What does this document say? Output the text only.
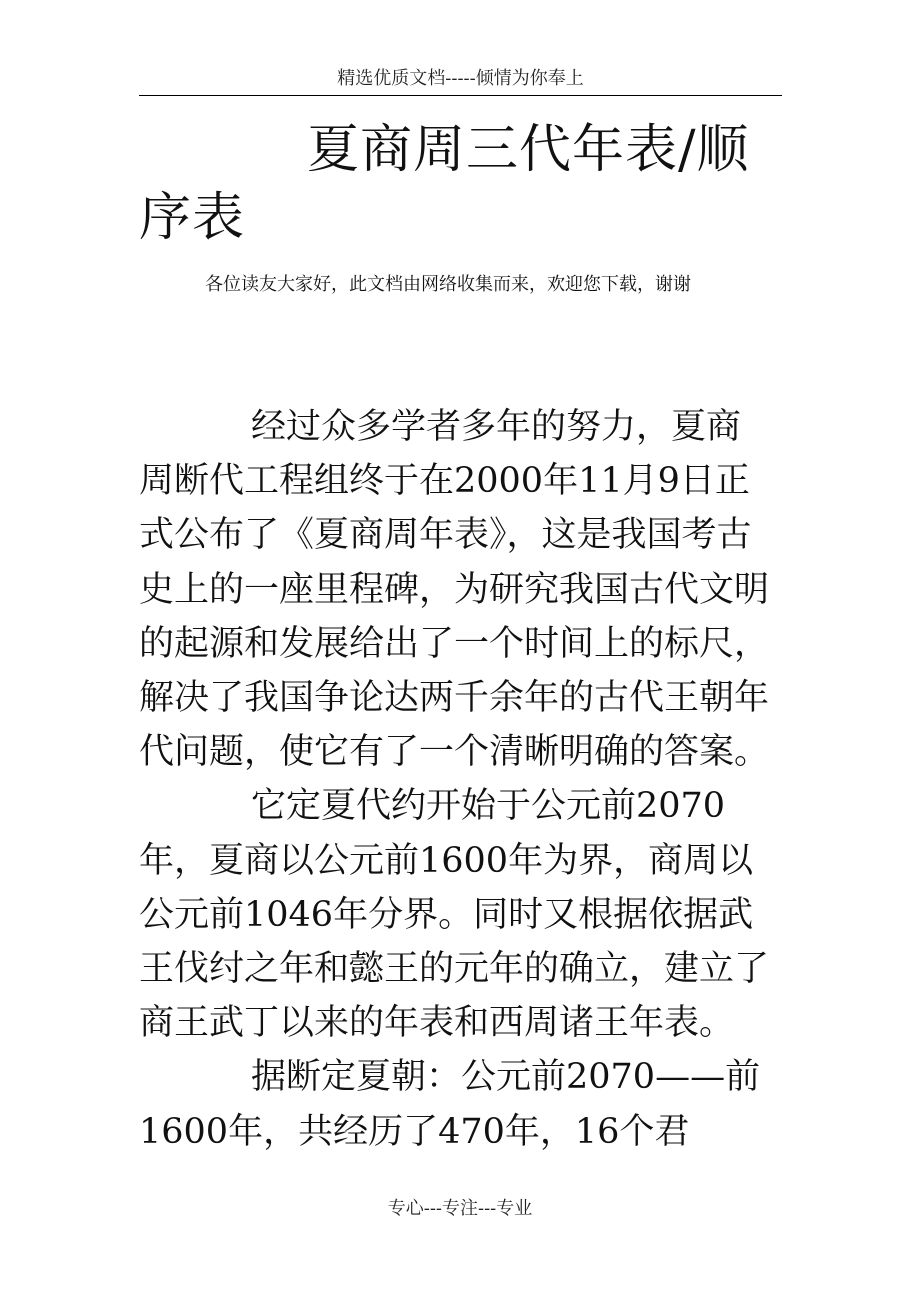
精选优质文档-----倾情为你奉上
夏商周三代年表/顺序表

各位读友大家好，此文档由网络收集而来，欢迎您下载，谢谢

经过众多学者多年的努力，夏商周断代工程组终于在2000年11月9日正式公布了《夏商周年表》，这是我国考古史上的一座里程碑，为研究我国古代文明的起源和发展给出了一个时间上的标尺，解决了我国争论达两千余年的古代王朝年代问题，使它有了一个清晰明确的答案。

它定夏代约开始于公元前2070年，夏商以公元前1600年为界，商周以公元前1046年分界。同时又根据依据武王伐纣之年和懿王的元年的确立，建立了商王武丁以来的年表和西周诸王年表。

据断定夏朝：公元前2070——前1600年，共经历了470年，16个君

专心---专注---专业
